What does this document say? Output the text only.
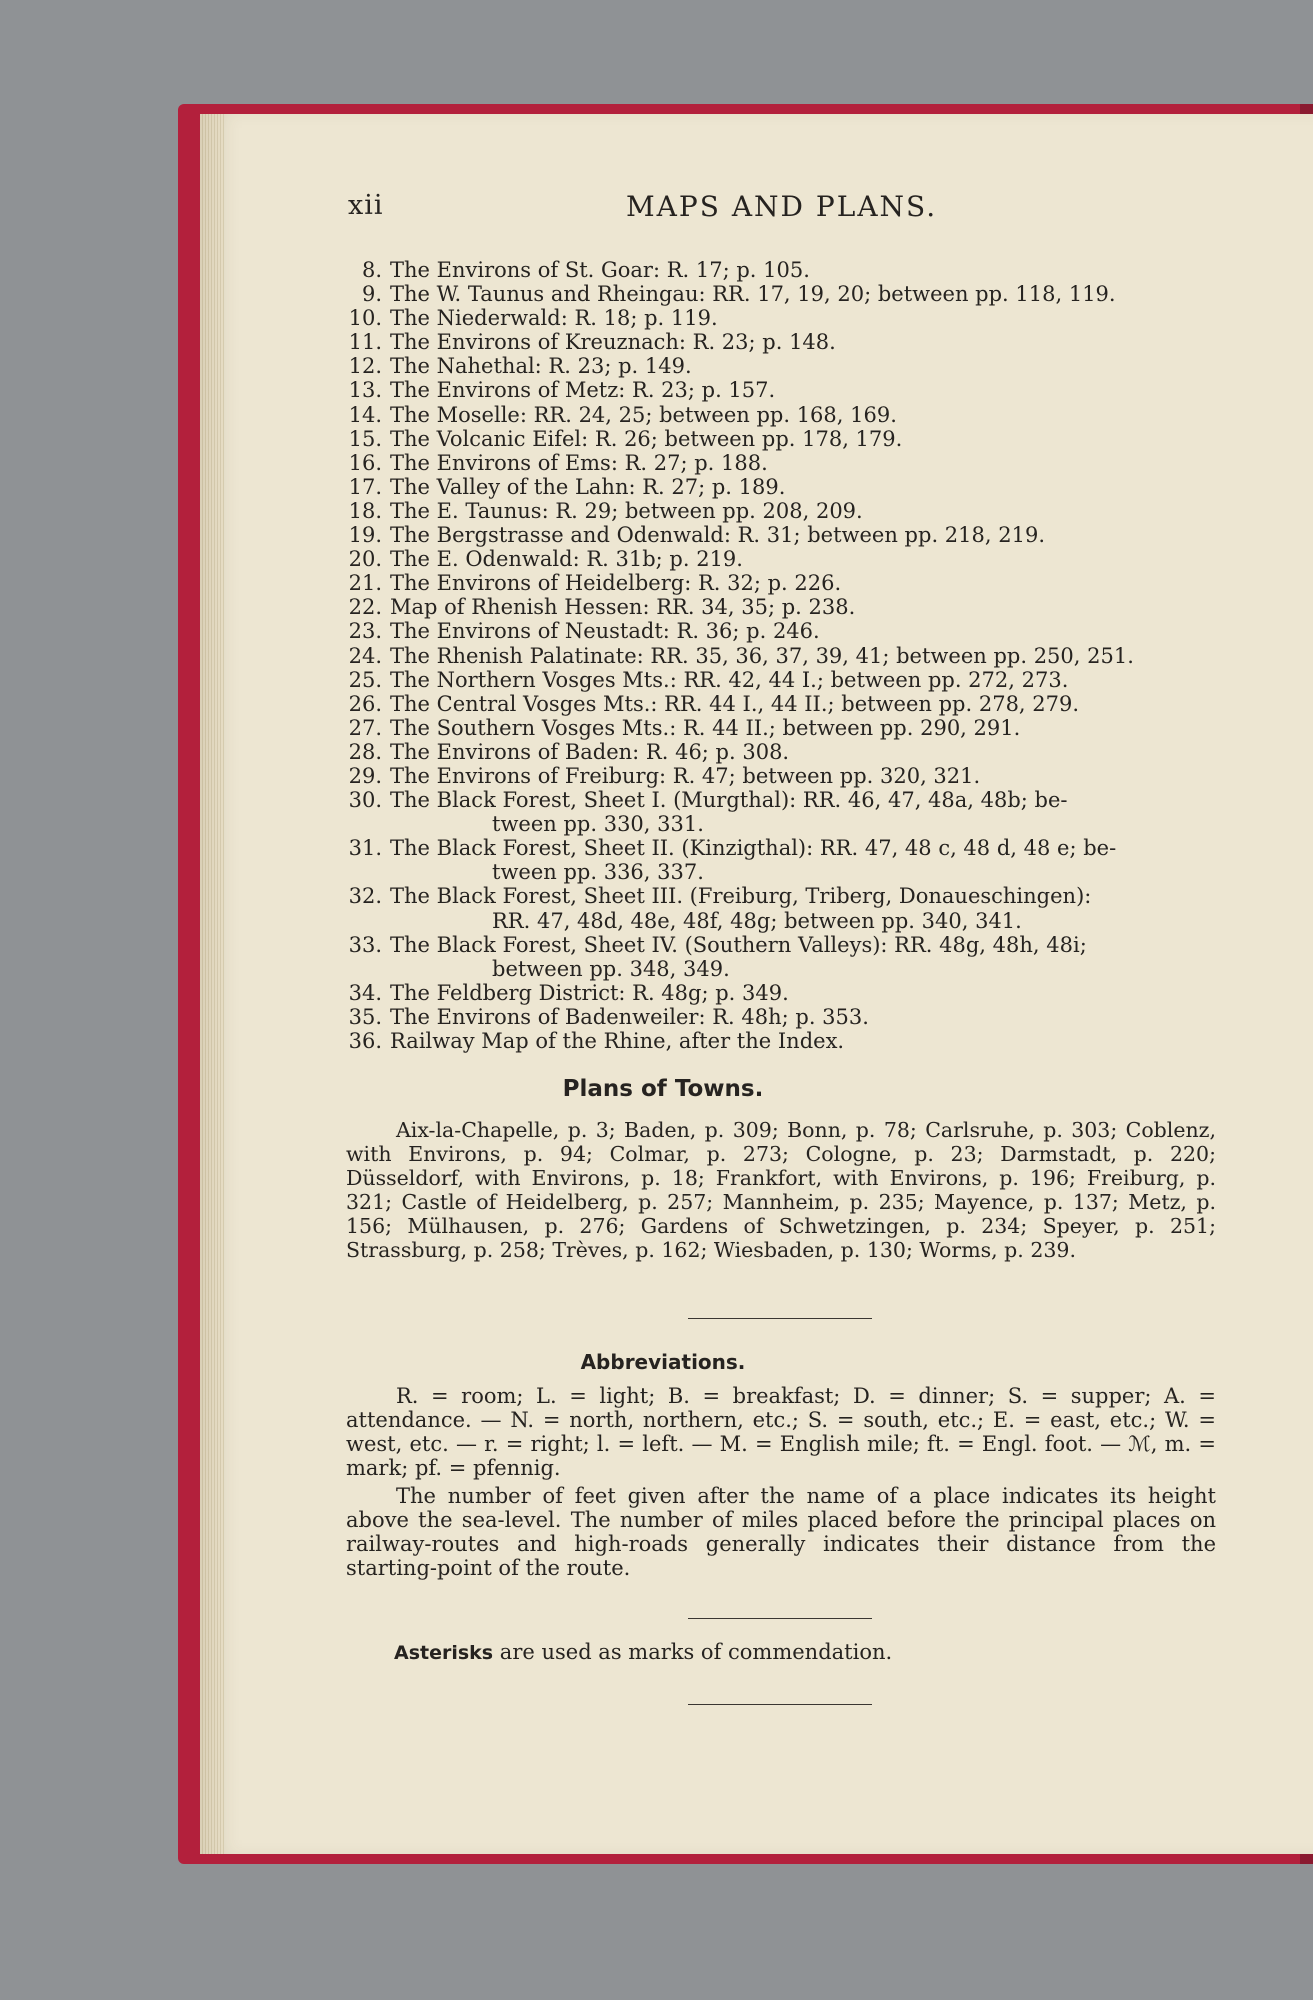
xii	MAPS AND PLANS.
8. The Environs of St. Goar: R. 17; p. 105.
9. The W. Taunus and Rheingau: RR. 17, 19, 20; between pp. 118, 119.
10. The Niederwald: R. 18; p. 119.
11. The Environs of Kreuznach: R. 23; p. 148.
12. The Nahethal: R. 23; p. 149.
13. The Environs of Metz: R. 23; p. 157.
14. The Moselle: RR. 24, 25; between pp. 168, 169.
15. The Volcanic Eifel: R. 26; between pp. 178, 179.
16. The Environs of Ems: R. 27; p. 188.
17. The Valley of the Lahn: R. 27; p. 189.
18. The E. Taunus: R. 29; between pp. 208, 209.
19. The Bergstrasse and Odenwald: R. 31; between pp. 218, 219.
20. The E. Odenwald: R. 31b; p. 219.
21. The Environs of Heidelberg: R. 32; p. 226.
22. Map of Rhenish Hessen: RR. 34, 35; p. 238.
23. The Environs of Neustadt: R. 36; p. 246.
24. The Rhenish Palatinate: RR. 35, 36, 37, 39, 41; between pp. 250, 251.
25. The Northern Vosges Mts.: RR. 42, 44 I.; between pp. 272, 273.
26. The Central Vosges Mts.: RR. 44 I., 44 II.; between pp. 278, 279.
27. The Southern Vosges Mts.: R. 44 II.; between pp. 290, 291.
28. The Environs of Baden: R. 46; p. 308.
29. The Environs of Freiburg: R. 47; between pp. 320, 321.
30. The Black Forest, Sheet I. (Murgthal): RR. 46, 47, 48a, 48b; be-
tween pp. 330, 331.
31. The Black Forest, Sheet II. (Kinzigthal): RR. 47, 48 c, 48 d, 48 e; be-
tween pp. 336, 337.
32. The Black Forest, Sheet III. (Freiburg, Triberg, Donaueschingen):
RR. 47, 48d, 48e, 48f, 48g; between pp. 340, 341.
33. The Black Forest, Sheet IV. (Southern Valleys): RR. 48g, 48h, 48i;
between pp. 348, 349.
34. The Feldberg District: R. 48g; p. 349.
35. The Environs of Badenweiler: R. 48h; p. 353.
36. Railway Map of the Rhine, after the Index.
Plans of Towns.
Aix-la-Chapelle, p. 3; Baden, p. 309; Bonn, p. 78; Carlsruhe, p. 303; Coblenz, with Environs, p. 94; Colmar, p. 273; Cologne, p. 23; Darmstadt, p. 220; Düsseldorf, with Environs, p. 18; Frankfort, with Environs, p. 196; Freiburg, p. 321; Castle of Heidelberg, p. 257; Mannheim, p. 235; Mayence, p. 137; Metz, p. 156; Mülhausen, p. 276; Gardens of Schwetzingen, p. 234; Speyer, p. 251; Strassburg, p. 258; Trèves, p. 162; Wiesbaden, p. 130; Worms, p. 239.
Abbreviations.
R. = room; L. = light; B. = breakfast; D. = dinner; S. = supper; A. = attendance. — N. = north, northern, etc.; S. = south, etc.; E. = east, etc.; W. = west, etc. — r. = right; l. = left. — M. = English mile; ft. = Engl. foot. — ℳ, m. = mark; pf. = pfennig.
The number of feet given after the name of a place indicates its height above the sea-level. The number of miles placed before the principal places on railway-routes and high-roads generally indicates their distance from the starting-point of the route.
Asterisks are used as marks of commendation.
